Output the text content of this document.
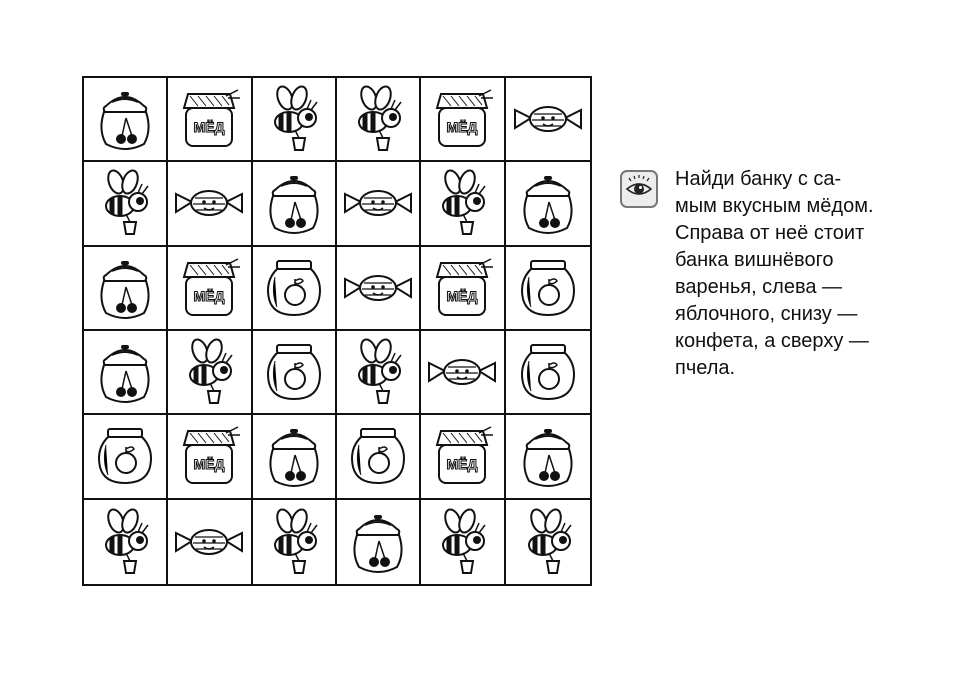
МЁД	МЁД
МЁД	МЁД
МЁД	МЁД

Найди банку с са-
мым вкусным мёдом.
Справа от неё стоит
банка вишнёвого
варенья, слева —
яблочного, снизу —
конфета, а сверху —
пчела.
